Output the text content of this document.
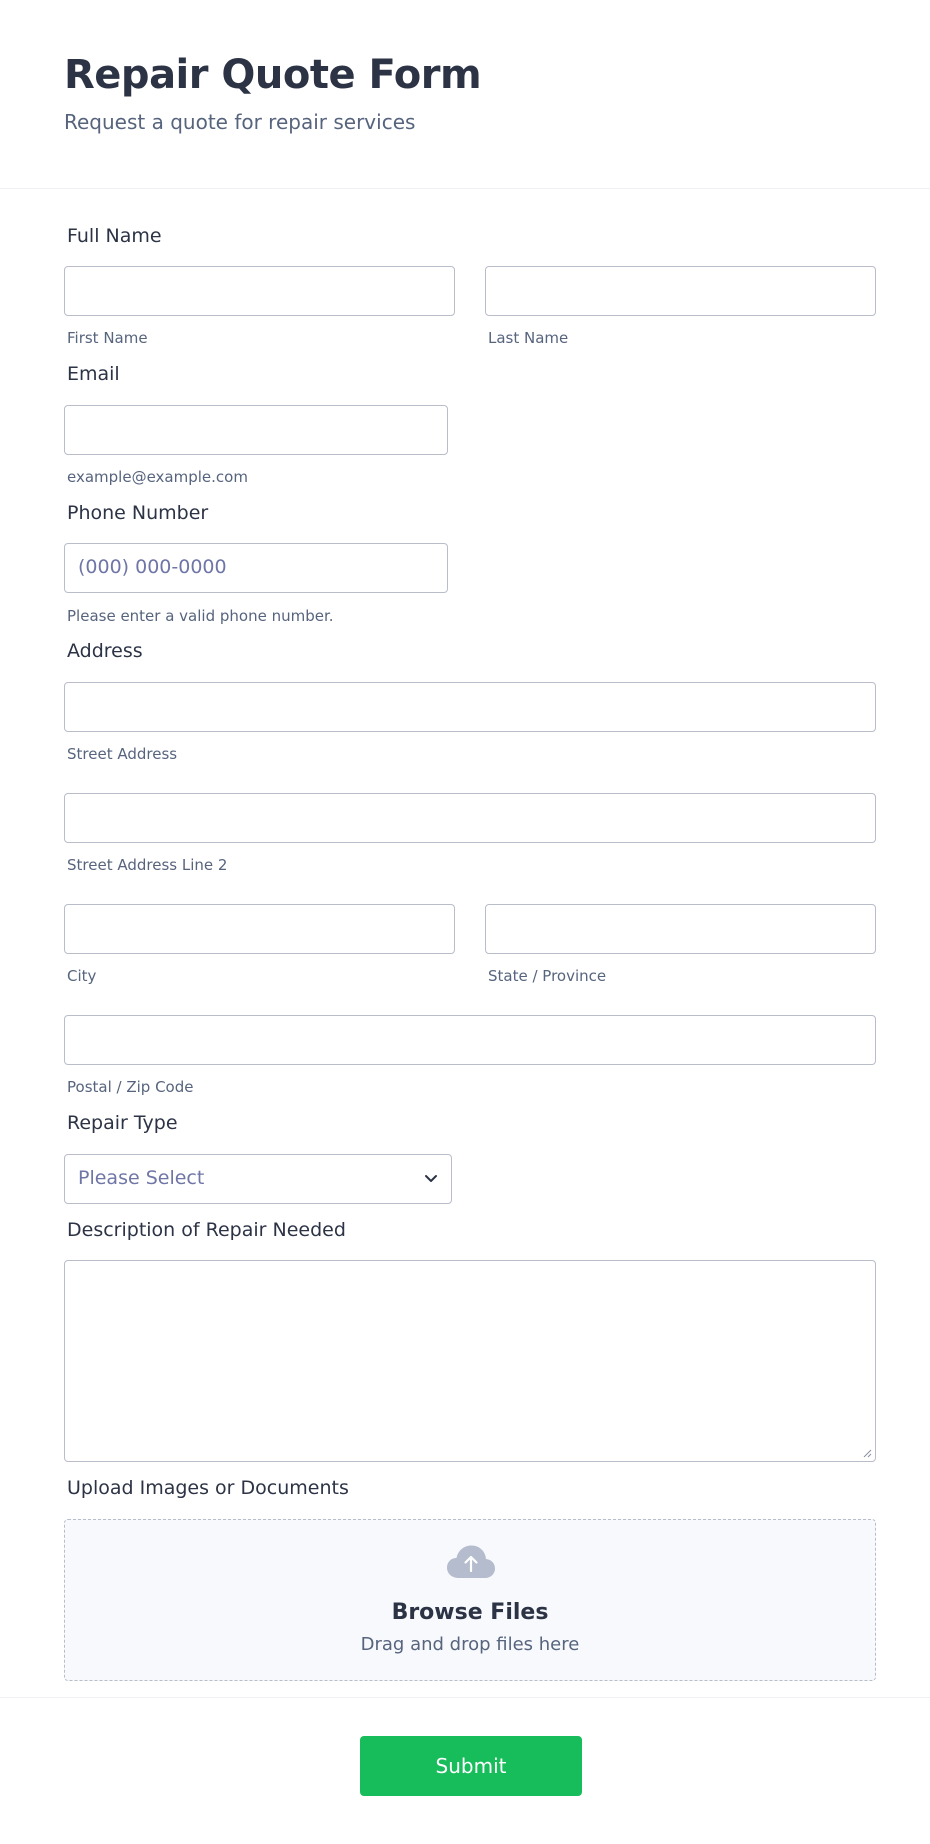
Repair Quote Form
Request a quote for repair services
Full Name
First Name	Last Name
Email
example@example.com
Phone Number
(000) 000-0000
Please enter a valid phone number.
Address
Street Address
Street Address Line 2
City	State / Province
Postal / Zip Code
Repair Type
Please Select
Description of Repair Needed
Upload Images or Documents
Browse Files
Drag and drop files here
Submit
